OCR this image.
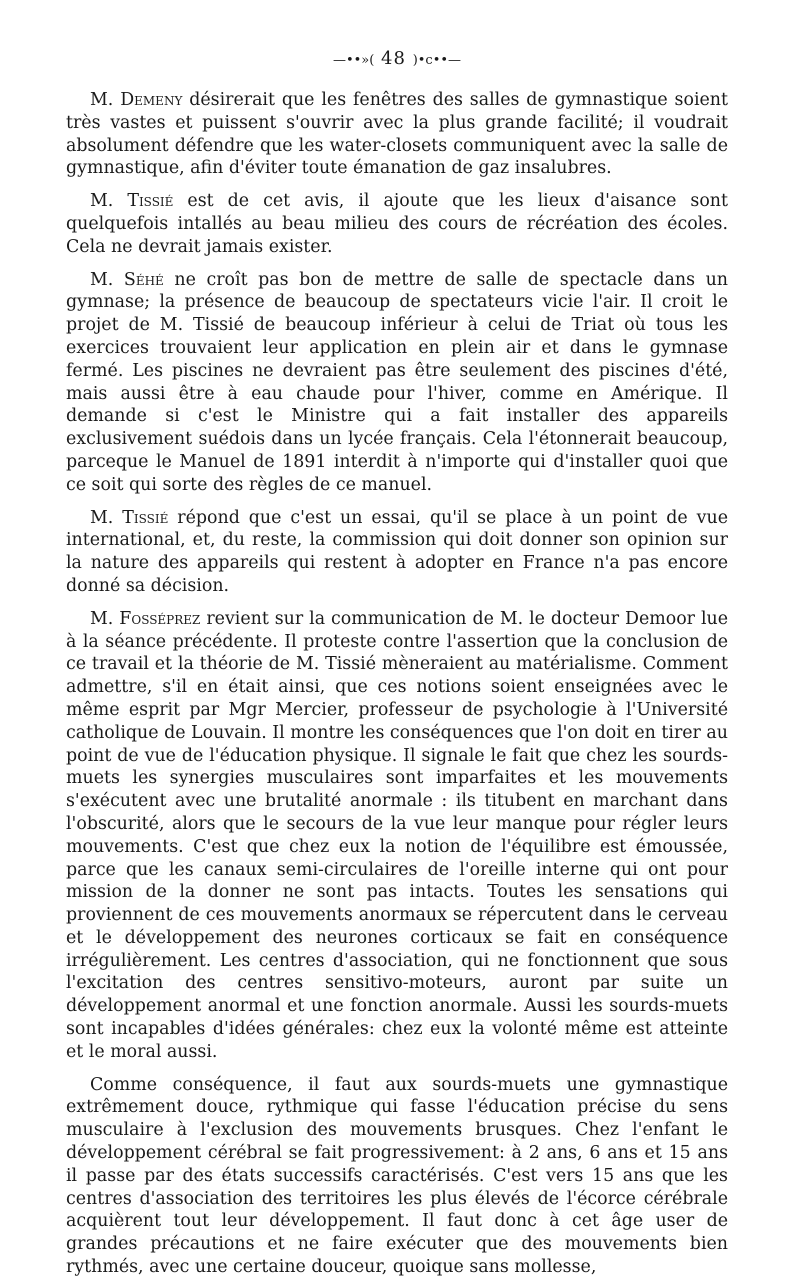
—••»( 48 )•c••—

M. Demeny désirerait que les fenêtres des salles de gymnastique soient très vastes et puissent s'ouvrir avec la plus grande facilité; il voudrait absolument défendre que les water-closets communiquent avec la salle de gymnastique, afin d'éviter toute émanation de gaz insalubres.

M. Tissié est de cet avis, il ajoute que les lieux d'aisance sont quelquefois intallés au beau milieu des cours de récréation des écoles. Cela ne devrait jamais exister.

M. Séhé ne croît pas bon de mettre de salle de spectacle dans un gymnase; la présence de beaucoup de spectateurs vicie l'air. Il croit le projet de M. Tissié de beaucoup inférieur à celui de Triat où tous les exercices trouvaient leur application en plein air et dans le gymnase fermé. Les piscines ne devraient pas être seulement des piscines d'été, mais aussi être à eau chaude pour l'hiver, comme en Amérique. Il demande si c'est le Ministre qui a fait installer des appareils exclusivement suédois dans un lycée français. Cela l'étonnerait beaucoup, parceque le Manuel de 1891 interdit à n'importe qui d'installer quoi que ce soit qui sorte des règles de ce manuel.

M. Tissié répond que c'est un essai, qu'il se place à un point de vue international, et, du reste, la commission qui doit donner son opinion sur la nature des appareils qui restent à adopter en France n'a pas encore donné sa décision.

M. Fosséprez revient sur la communication de M. le docteur Demoor lue à la séance précédente. Il proteste contre l'assertion que la conclusion de ce travail et la théorie de M. Tissié mèneraient au matérialisme. Comment admettre, s'il en était ainsi, que ces notions soient enseignées avec le même esprit par Mgr Mercier, professeur de psychologie à l'Université catholique de Louvain. Il montre les conséquences que l'on doit en tirer au point de vue de l'éducation physique. Il signale le fait que chez les sourds-muets les synergies musculaires sont imparfaites et les mouvements s'exécutent avec une brutalité anormale : ils titubent en marchant dans l'obscurité, alors que le secours de la vue leur manque pour régler leurs mouvements. C'est que chez eux la notion de l'équilibre est émoussée, parce que les canaux semi-circulaires de l'oreille interne qui ont pour mission de la donner ne sont pas intacts. Toutes les sensations qui proviennent de ces mouvements anormaux se répercutent dans le cerveau et le développement des neurones corticaux se fait en conséquence irrégulièrement. Les centres d'association, qui ne fonctionnent que sous l'excitation des centres sensitivo-moteurs, auront par suite un développement anormal et une fonction anormale. Aussi les sourds-muets sont incapables d'idées générales: chez eux la volonté même est atteinte et le moral aussi.

Comme conséquence, il faut aux sourds-muets une gymnastique extrêmement douce, rythmique qui fasse l'éducation précise du sens musculaire à l'exclusion des mouvements brusques. Chez l'enfant le développement cérébral se fait progressivement: à 2 ans, 6 ans et 15 ans il passe par des états successifs caractérisés. C'est vers 15 ans que les centres d'association des territoires les plus élevés de l'écorce cérébrale acquièrent tout leur développement. Il faut donc à cet âge user de grandes précautions et ne faire exécuter que des mouvements bien rythmés, avec une certaine douceur, quoique sans mollesse,
